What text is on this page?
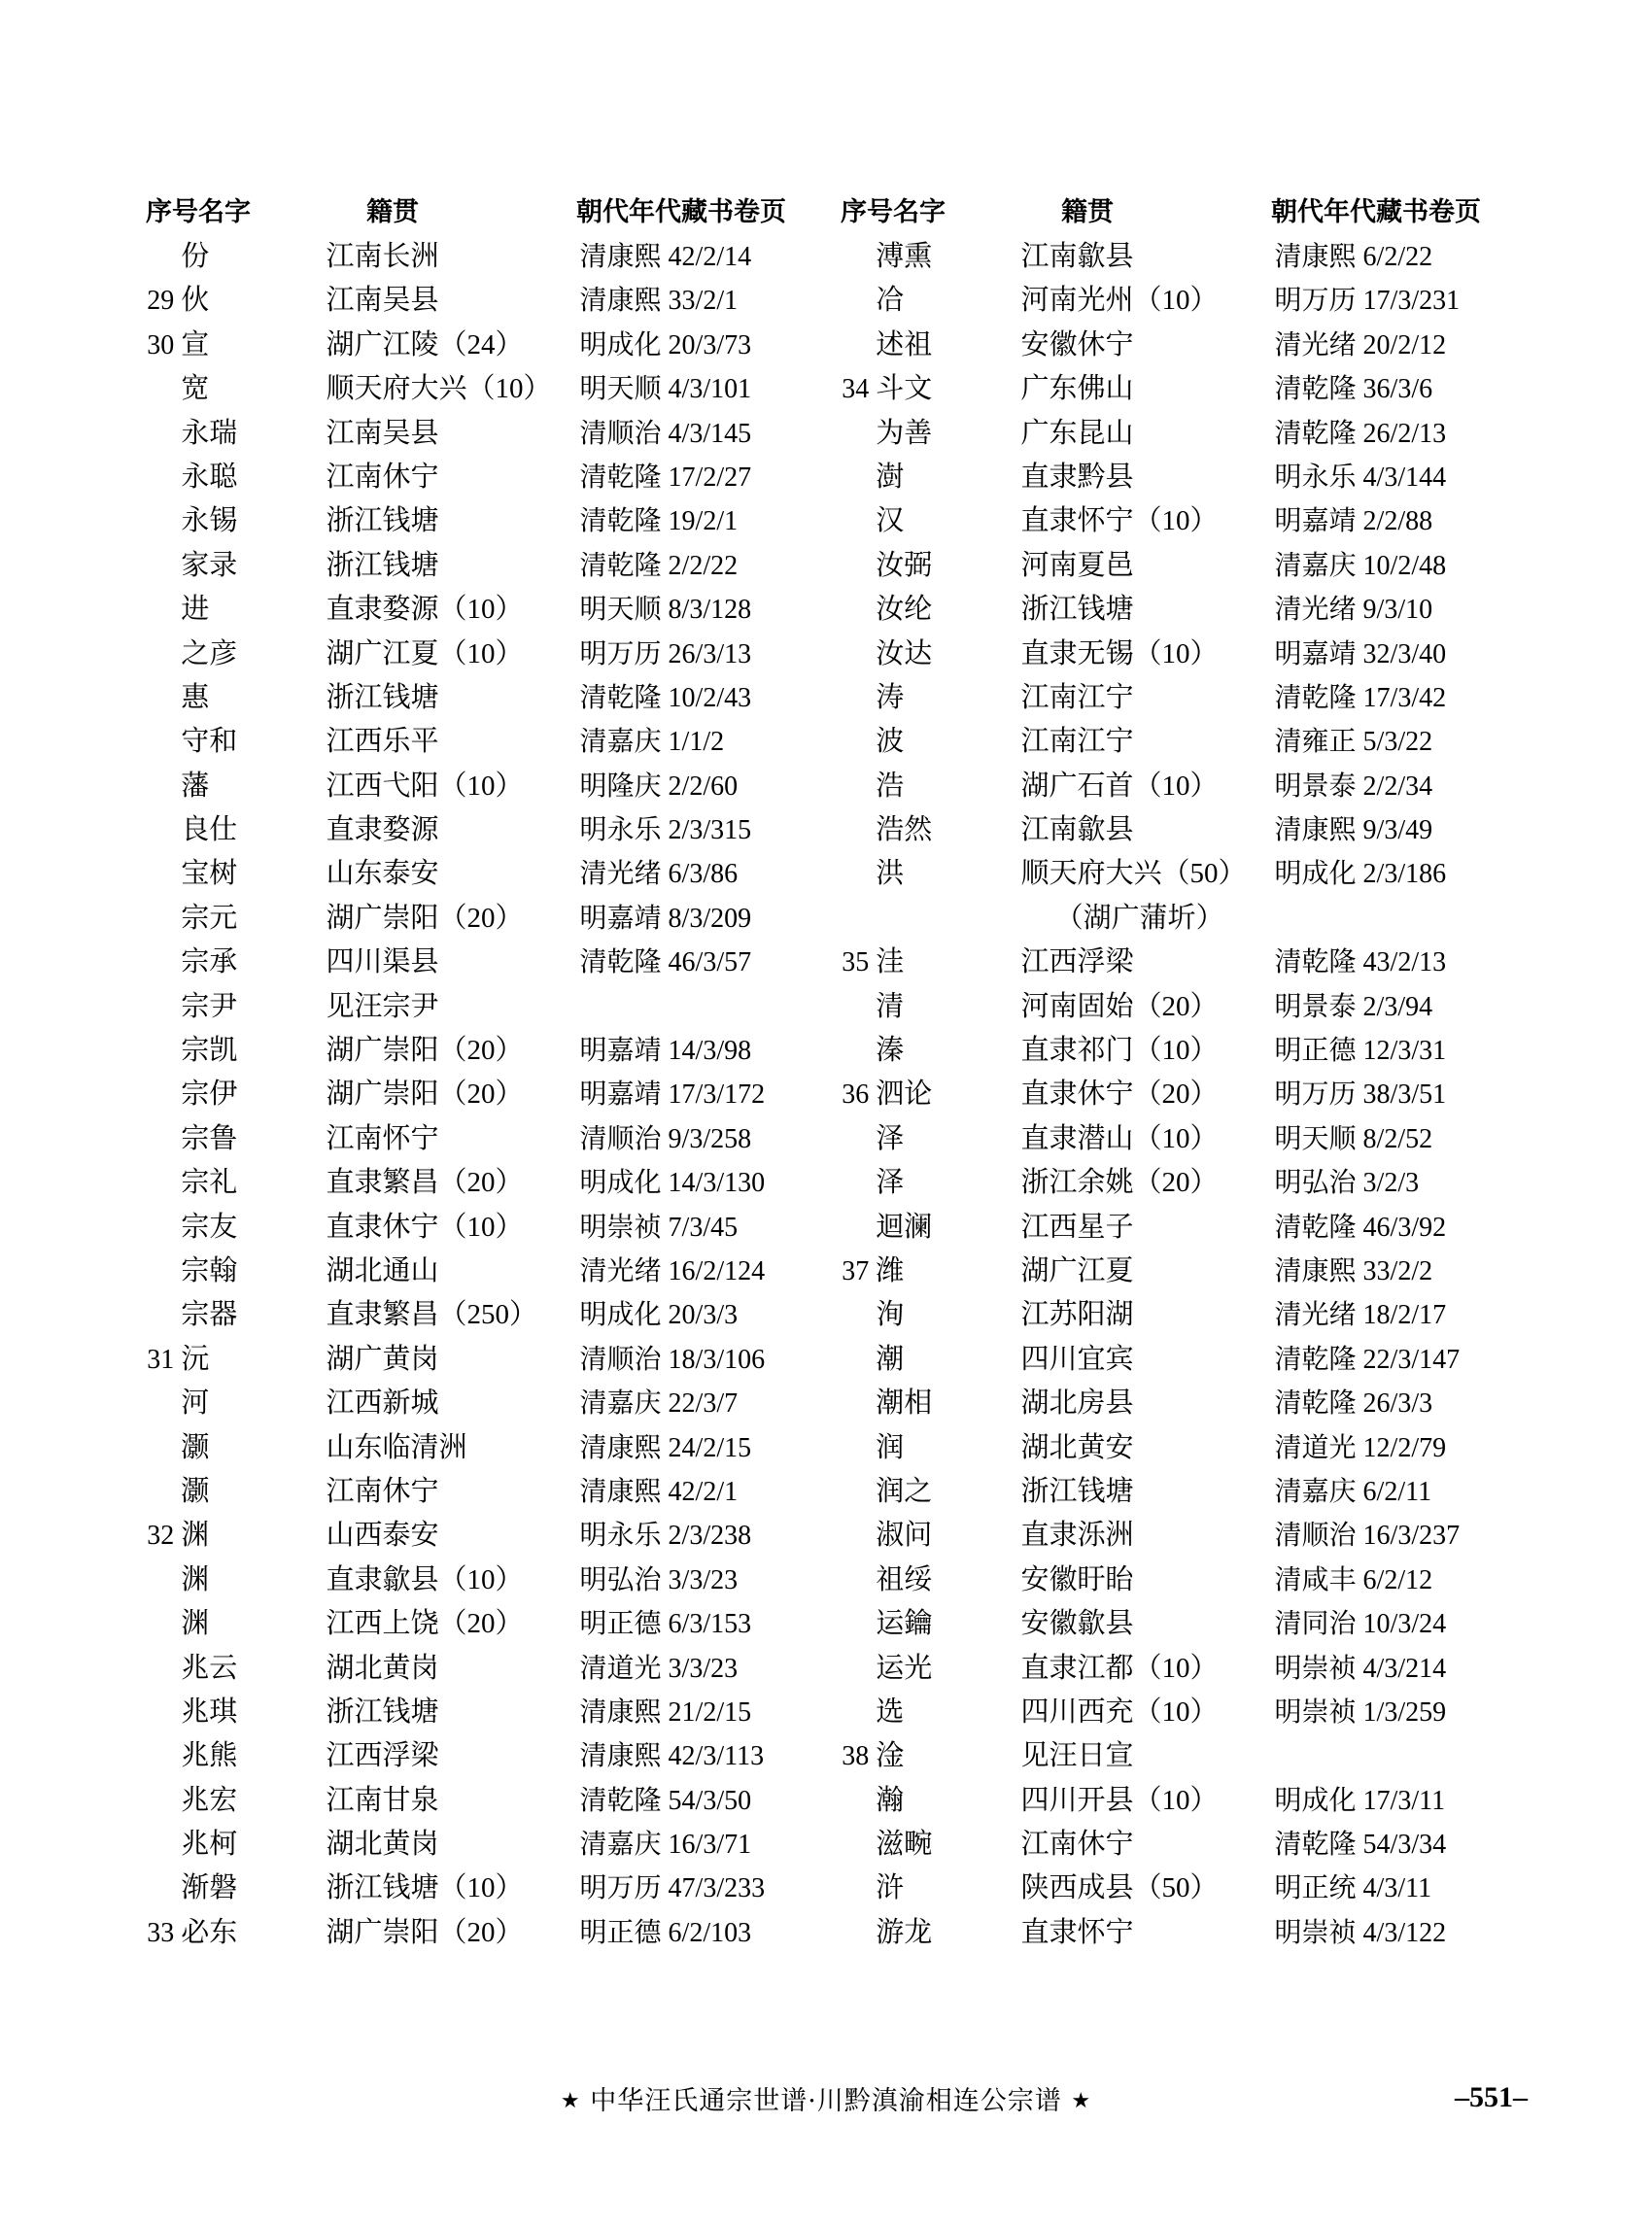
序号名字	籍贯	朝代年代藏书卷页
份	江南长洲	清康熙 42/2/14
29 伙	江南吴县	清康熙 33/2/1
30 宣	湖广江陵（24）	明成化 20/3/73
宽	顺天府大兴（10）	明天顺 4/3/101
永瑞	江南吴县	清顺治 4/3/145
永聪	江南休宁	清乾隆 17/2/27
永锡	浙江钱塘	清乾隆 19/2/1
家录	浙江钱塘	清乾隆 2/2/22
进	直隶婺源（10）	明天顺 8/3/128
之彦	湖广江夏（10）	明万历 26/3/13
惠	浙江钱塘	清乾隆 10/2/43
守和	江西乐平	清嘉庆 1/1/2
藩	江西弋阳（10）	明隆庆 2/2/60
良仕	直隶婺源	明永乐 2/3/315
宝树	山东泰安	清光绪 6/3/86
宗元	湖广崇阳（20）	明嘉靖 8/3/209
宗承	四川渠县	清乾隆 46/3/57
宗尹	见汪宗尹
宗凯	湖广崇阳（20）	明嘉靖 14/3/98
宗伊	湖广崇阳（20）	明嘉靖 17/3/172
宗鲁	江南怀宁	清顺治 9/3/258
宗礼	直隶繁昌（20）	明成化 14/3/130
宗友	直隶休宁（10）	明崇祯 7/3/45
宗翰	湖北通山	清光绪 16/2/124
宗器	直隶繁昌（250）	明成化 20/3/3
31 沅	湖广黄岗	清顺治 18/3/106
河	江西新城	清嘉庆 22/3/7
灏	山东临清洲	清康熙 24/2/15
灏	江南休宁	清康熙 42/2/1
32 渊	山西泰安	明永乐 2/3/238
渊	直隶歙县（10）	明弘治 3/3/23
渊	江西上饶（20）	明正德 6/3/153
兆云	湖北黄岗	清道光 3/3/23
兆琪	浙江钱塘	清康熙 21/2/15
兆熊	江西浮梁	清康熙 42/3/113
兆宏	江南甘泉	清乾隆 54/3/50
兆柯	湖北黄岗	清嘉庆 16/3/71
渐磐	浙江钱塘（10）	明万历 47/3/233
33 必东	湖广崇阳（20）	明正德 6/2/103
序号名字	籍贯	朝代年代藏书卷页
溥熏	江南歙县	清康熙 6/2/22
冾	河南光州（10）	明万历 17/3/231
述祖	安徽休宁	清光绪 20/2/12
34 斗文	广东佛山	清乾隆 36/3/6
为善	广东昆山	清乾隆 26/2/13
澍	直隶黔县	明永乐 4/3/144
汉	直隶怀宁（10）	明嘉靖 2/2/88
汝弼	河南夏邑	清嘉庆 10/2/48
汝纶	浙江钱塘	清光绪 9/3/10
汝达	直隶无锡（10）	明嘉靖 32/3/40
涛	江南江宁	清乾隆 17/3/42
波	江南江宁	清雍正 5/3/22
浩	湖广石首（10）	明景泰 2/2/34
浩然	江南歙县	清康熙 9/3/49
洪	顺天府大兴（50）	明成化 2/3/186
（湖广蒲圻）
35 洼	江西浮梁	清乾隆 43/2/13
清	河南固始（20）	明景泰 2/3/94
溱	直隶祁门（10）	明正德 12/3/31
36 泗论	直隶休宁（20）	明万历 38/3/51
泽	直隶潜山（10）	明天顺 8/2/52
泽	浙江余姚（20）	明弘治 3/2/3
迴澜	江西星子	清乾隆 46/3/92
37 潍	湖广江夏	清康熙 33/2/2
洵	江苏阳湖	清光绪 18/2/17
潮	四川宜宾	清乾隆 22/3/147
潮相	湖北房县	清乾隆 26/3/3
润	湖北黄安	清道光 12/2/79
润之	浙江钱塘	清嘉庆 6/2/11
淑问	直隶泺洲	清顺治 16/3/237
祖绥	安徽盱眙	清咸丰 6/2/12
运鑰	安徽歙县	清同治 10/3/24
运光	直隶江都（10）	明崇祯 4/3/214
选	四川西充（10）	明崇祯 1/3/259
38 淦	见汪日宣
瀚	四川开县（10）	明成化 17/3/11
滋畹	江南休宁	清乾隆 54/3/34
浒	陕西成县（50）	明正统 4/3/11
游龙	直隶怀宁	明崇祯 4/3/122
★ 中华汪氏通宗世谱·川黔滇渝相连公宗谱 ★	–551–
